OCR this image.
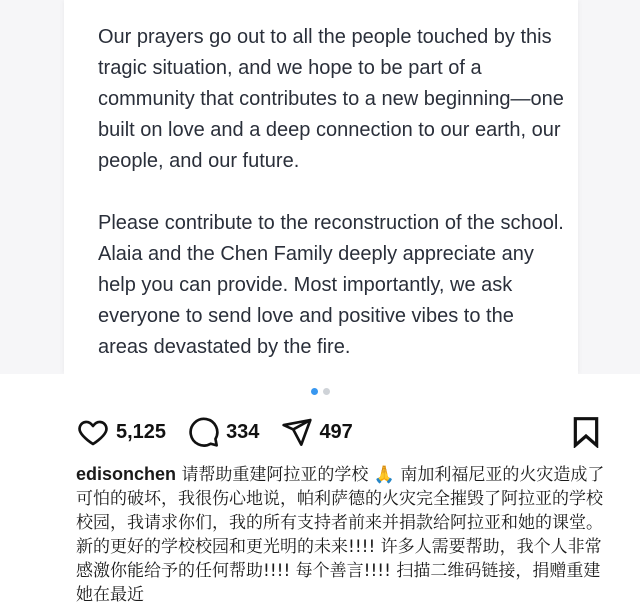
Our prayers go out to all the people touched by this tragic situation, and we hope to be part of a community that contributes to a new beginning—one built on love and a deep connection to our earth, our people, and our future.

Please contribute to the reconstruction of the school. Alaia and the Chen Family deeply appreciate any help you can provide. Most importantly, we ask everyone to send love and positive vibes to the areas devastated by the fire.

5,125	334	497
edisonchen 请帮助重建阿拉亚的学校 🙏 南加利福尼亚的火灾造成了可怕的破坏，我很伤心地说，帕利萨德的火灾完全摧毁了阿拉亚的学校校园，我请求你们，我的所有支持者前来并捐款给阿拉亚和她的课堂。 新的更好的学校校园和更光明的未来!!!! 许多人需要帮助，我个人非常感激你能给予的任何帮助!!!! 每个善言!!!! 扫描二维码链接，捐赠重建她在最近
